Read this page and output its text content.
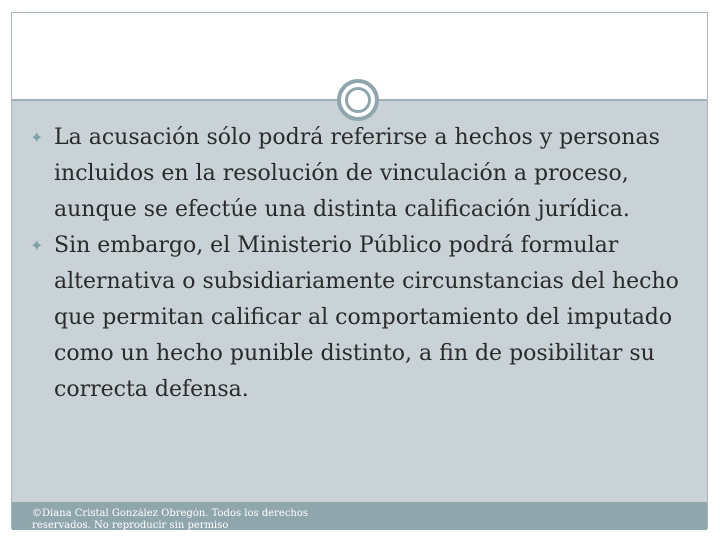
©Diana Cristal González Obregón. Todos los derechos reservados. No reproducir sin permiso

✦ La acusación sólo podrá referirse a hechos y personas incluidos en la resolución de vinculación a proceso, aunque se efectúe una distinta calificación jurídica.

✦ Sin embargo, el Ministerio Público podrá formular alternativa o subsidiariamente circunstancias del hecho que permitan calificar al comportamiento del imputado como un hecho punible distinto, a fin de posibilitar su correcta defensa.
